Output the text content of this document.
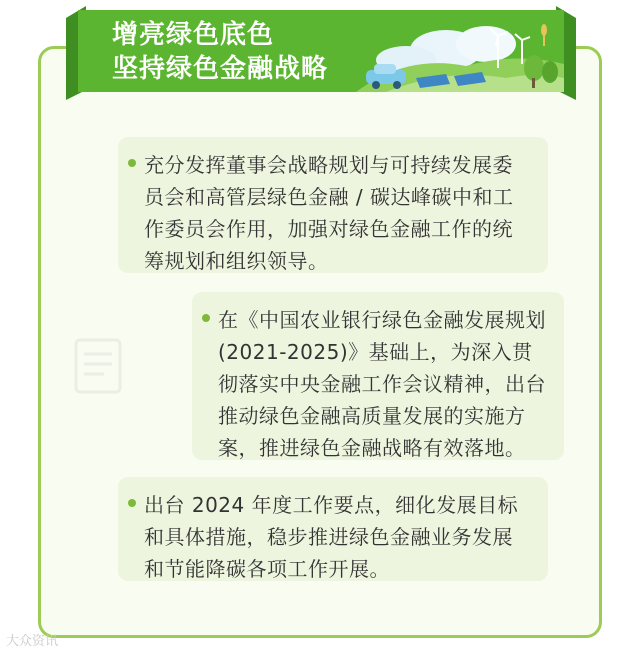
增亮绿色底色
坚持绿色金融战略
充分发挥董事会战略规划与可持续发展委员会和高管层绿色金融 / 碳达峰碳中和工作委员会作用，加强对绿色金融工作的统筹规划和组织领导。
在《中国农业银行绿色金融发展规划(2021-2025)》基础上，为深入贯彻落实中央金融工作会议精神，出台推动绿色金融高质量发展的实施方案，推进绿色金融战略有效落地。
出台 2024 年度工作要点，细化发展目标和具体措施，稳步推进绿色金融业务发展和节能降碳各项工作开展。
大众资讯
